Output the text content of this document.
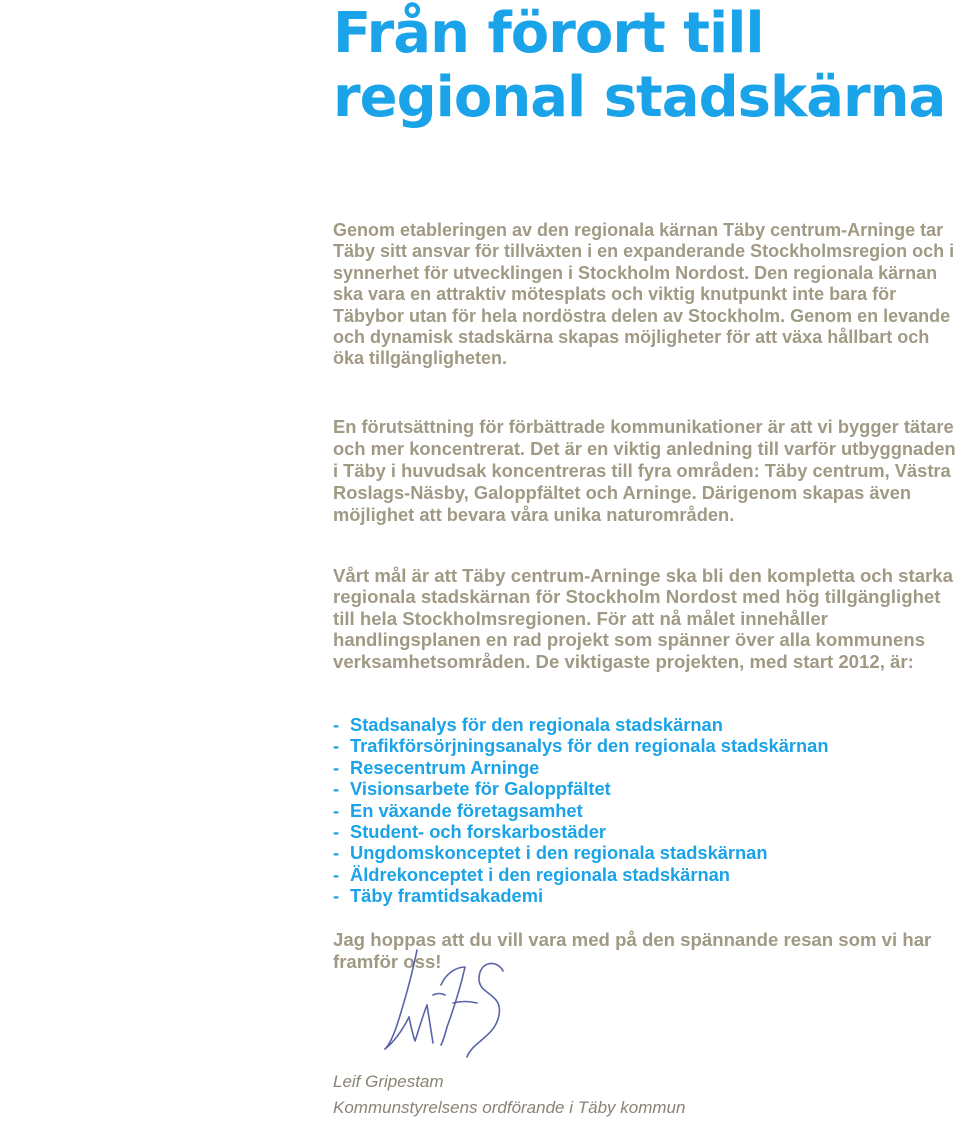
Från förort till
regional stadskärna

Genom etableringen av den regionala kärnan Täby centrum-Arninge tar Täby sitt ansvar för tillväxten i en expanderande Stockholmsregion och i synnerhet för utvecklingen i Stockholm Nordost. Den regionala kärnan ska vara en attraktiv mötesplats och viktig knutpunkt inte bara för Täbybor utan för hela nordöstra delen av Stockholm. Genom en levande och dynamisk stadskärna skapas möjligheter för att växa hållbart och öka tillgängligheten.

En förutsättning för förbättrade kommunikationer är att vi bygger tätare och mer koncentrerat. Det är en viktig anledning till varför utbyggnaden i Täby i huvudsak koncentreras till fyra områden: Täby centrum, Västra Roslags-Näsby, Galoppfältet och Arninge. Därigenom skapas även möjlighet att bevara våra unika naturområden.

Vårt mål är att Täby centrum-Arninge ska bli den kompletta och starka regionala stadskärnan för Stockholm Nordost med hög tillgänglighet till hela Stockholmsregionen. För att nå målet innehåller handlingsplanen en rad projekt som spänner över alla kommunens verksamhetsområden. De viktigaste projekten, med start 2012, är:

- Stadsanalys för den regionala stadskärnan
- Trafikförsörjningsanalys för den regionala stadskärnan
- Resecentrum Arninge
- Visionsarbete för Galoppfältet
- En växande företagsamhet
- Student- och forskarbostäder
- Ungdomskonceptet i den regionala stadskärnan
- Äldrekonceptet i den regionala stadskärnan
- Täby framtidsakademi

Jag hoppas att du vill vara med på den spännande resan som vi har framför oss!

Leif Gripestam

Kommunstyrelsens ordförande i Täby kommun
